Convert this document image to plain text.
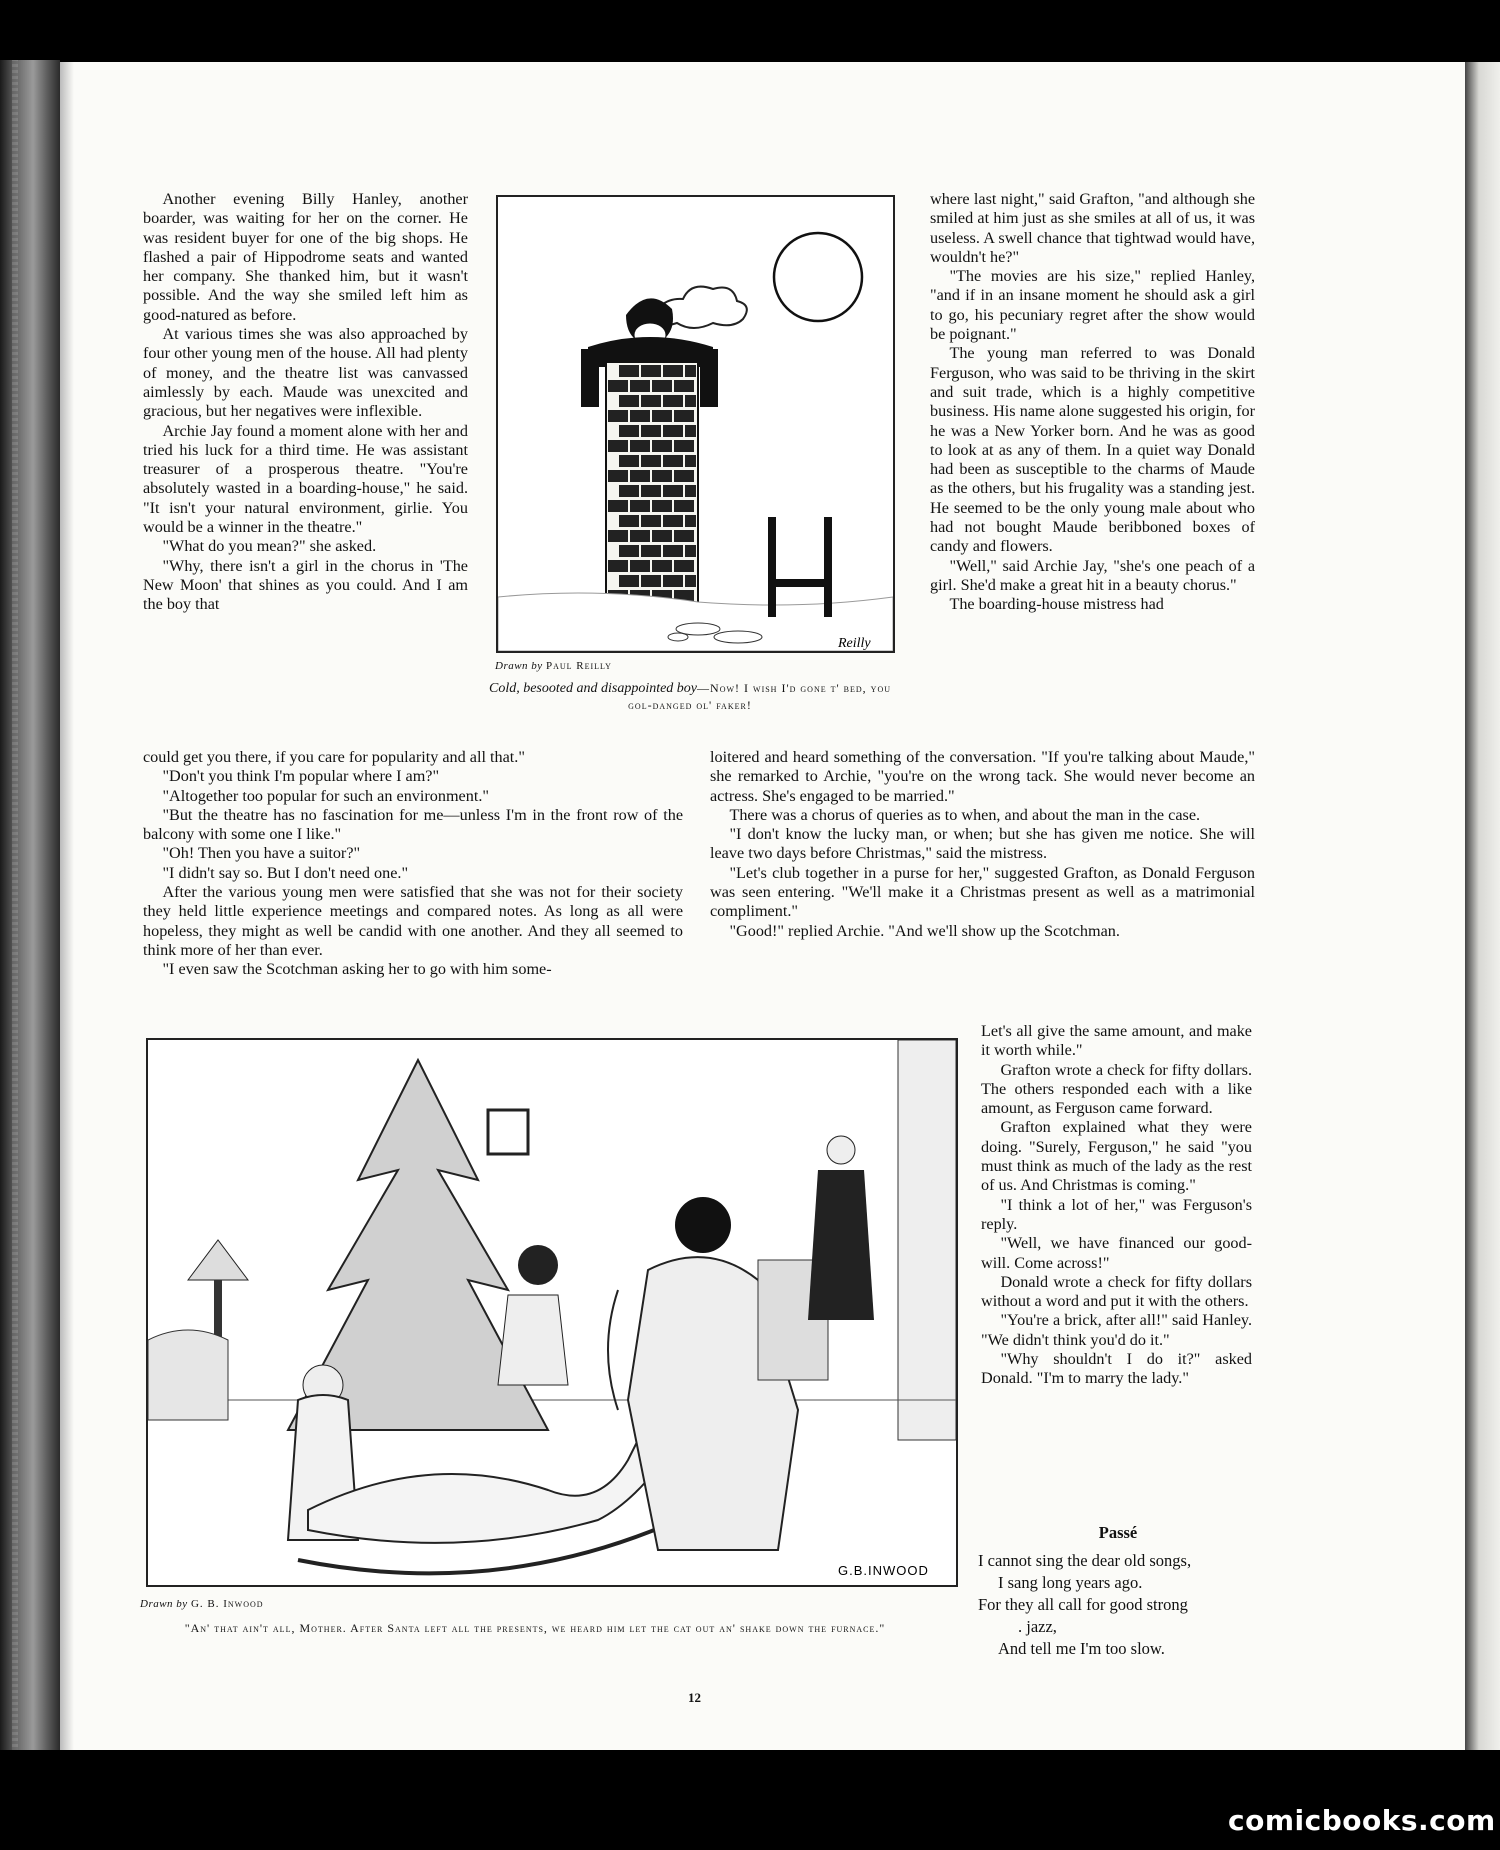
Another evening Billy Hanley, another boarder, was waiting for her on the corner. He was resident buyer for one of the big shops. He flashed a pair of Hippodrome seats and wanted her company. She thanked him, but it wasn't possible. And the way she smiled left him as good-natured as before.

At various times she was also approached by four other young men of the house. All had plenty of money, and the theatre list was canvassed aimlessly by each. Maude was unexcited and gracious, but her negatives were inflexible.

Archie Jay found a moment alone with her and tried his luck for a third time. He was assistant treasurer of a prosperous theatre. "You're absolutely wasted in a boarding-house," he said. "It isn't your natural environment, girlie. You would be a winner in the theatre."

"What do you mean?" she asked.

"Why, there isn't a girl in the chorus in 'The New Moon' that shines as you could. And I am the boy that

could get you there, if you care for popularity and all that."

"Don't you think I'm popular where I am?"

"Altogether too popular for such an environment."

"But the theatre has no fascination for me—unless I'm in the front row of the balcony with some one I like."

"Oh! Then you have a suitor?"

"I didn't say so. But I don't need one."

After the various young men were satisfied that she was not for their society they held little experience meetings and compared notes. As long as all were hopeless, they might as well be candid with one another. And they all seemed to think more of her than ever.

"I even saw the Scotchman asking her to go with him some-

Reilly
Drawn by Paul Reilly
Cold, besooted and disappointed boy—Now! I wish I'd gone t' bed, you gol-danged ol' faker!

where last night," said Grafton, "and although she smiled at him just as she smiles at all of us, it was useless. A swell chance that tightwad would have, wouldn't he?"

"The movies are his size," replied Hanley, "and if in an insane moment he should ask a girl to go, his pecuniary regret after the show would be poignant."

The young man referred to was Donald Ferguson, who was said to be thriving in the skirt and suit trade, which is a highly competitive business. His name alone suggested his origin, for he was a New Yorker born. And he was as good to look at as any of them. In a quiet way Donald had been as susceptible to the charms of Maude as the others, but his frugality was a standing jest. He seemed to be the only young male about who had not bought Maude beribboned boxes of candy and flowers.

"Well," said Archie Jay, "she's one peach of a girl. She'd make a great hit in a beauty chorus."

The boarding-house mistress had

loitered and heard something of the conversation. "If you're talking about Maude," she remarked to Archie, "you're on the wrong tack. She would never become an actress. She's engaged to be married."

There was a chorus of queries as to when, and about the man in the case.

"I don't know the lucky man, or when; but she has given me notice. She will leave two days before Christmas," said the mistress.

"Let's club together in a purse for her," suggested Grafton, as Donald Ferguson was seen entering. "We'll make it a Christmas present as well as a matrimonial compliment."

"Good!" replied Archie. "And we'll show up the Scotchman.

G.B.INWOOD
Drawn by G. B. Inwood
"An' that ain't all, Mother. After Santa left all the presents, we heard him let the cat out an' shake down the furnace."

Let's all give the same amount, and make it worth while."

Grafton wrote a check for fifty dollars. The others responded each with a like amount, as Ferguson came forward.

Grafton explained what they were doing. "Surely, Ferguson," he said "you must think as much of the lady as the rest of us. And Christmas is coming."

"I think a lot of her," was Ferguson's reply.

"Well, we have financed our good-will. Come across!"

Donald wrote a check for fifty dollars without a word and put it with the others.

"You're a brick, after all!" said Hanley. "We didn't think you'd do it."

"Why shouldn't I do it?" asked Donald. "I'm to marry the lady."

Passé
I cannot sing the dear old songs,
I sang long years ago.
For they all call for good strong
. jazz,
And tell me I'm too slow.
12
comicbooks.com
